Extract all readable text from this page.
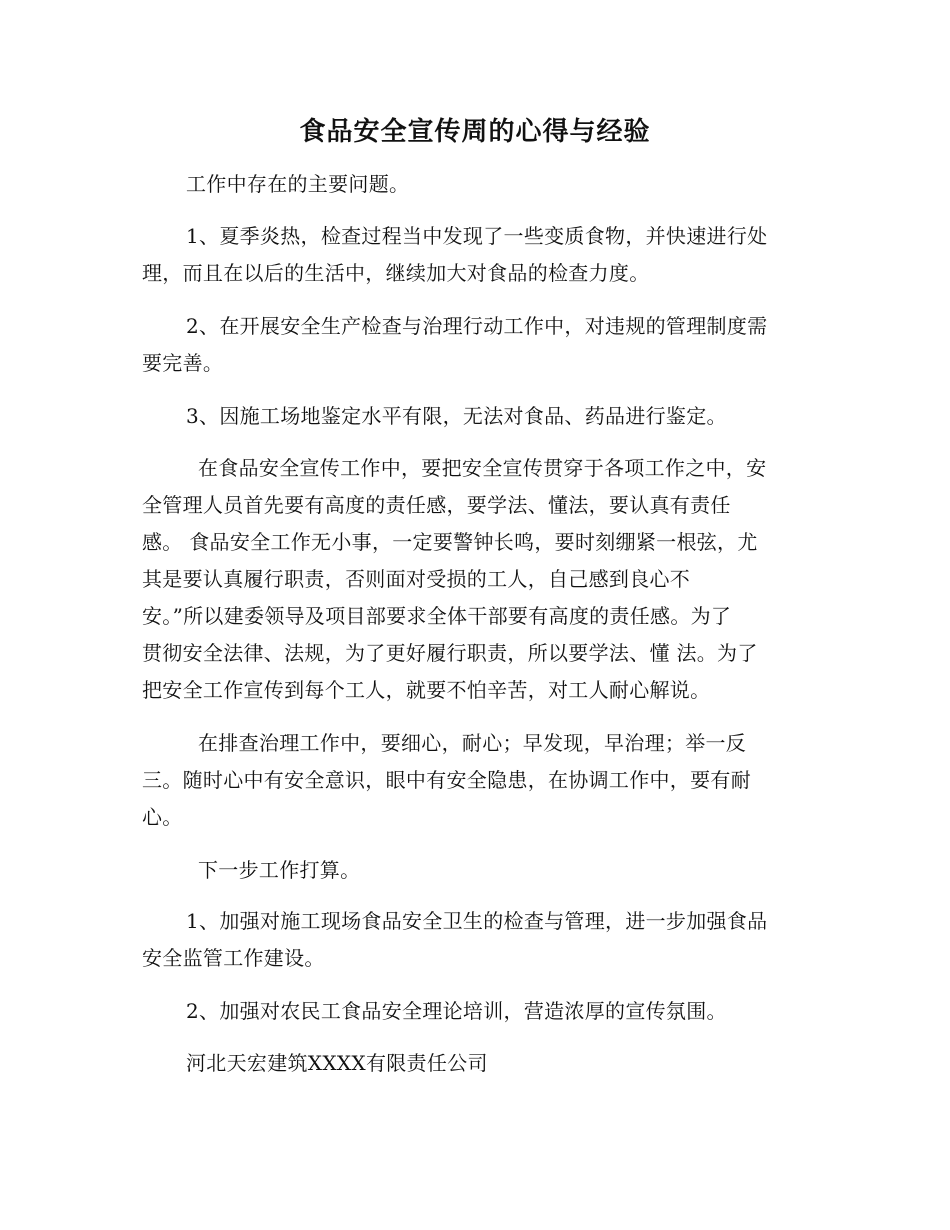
食品安全宣传周的心得与经验
工作中存在的主要问题。
1、夏季炎热，检查过程当中发现了一些变质食物，并快速进行处
理，而且在以后的生活中，继续加大对食品的检查力度。
2、在开展安全生产检查与治理行动工作中，对违规的管理制度需
要完善。
3、因施工场地鉴定水平有限，无法对食品、药品进行鉴定。
在食品安全宣传工作中，要把安全宣传贯穿于各项工作之中，安
全管理人员首先要有高度的责任感，要学法、懂法，要认真有责任
感。 食品安全工作无小事，一定要警钟长鸣，要时刻绷紧一根弦，尤
其是要认真履行职责，否则面对受损的工人，自己感到良心不
安。”所以建委领导及项目部要求全体干部要有高度的责任感。为了
贯彻安全法律、法规，为了更好履行职责，所以要学法、懂 法。为了
把安全工作宣传到每个工人，就要不怕辛苦，对工人耐心解说。
在排查治理工作中，要细心，耐心；早发现，早治理；举一反
三。随时心中有安全意识，眼中有安全隐患，在协调工作中，要有耐
心。
下一步工作打算。
1、加强对施工现场食品安全卫生的检查与管理，进一步加强食品
安全监管工作建设。
2、加强对农民工食品安全理论培训，营造浓厚的宣传氛围。
河北天宏建筑XXXX有限责任公司
